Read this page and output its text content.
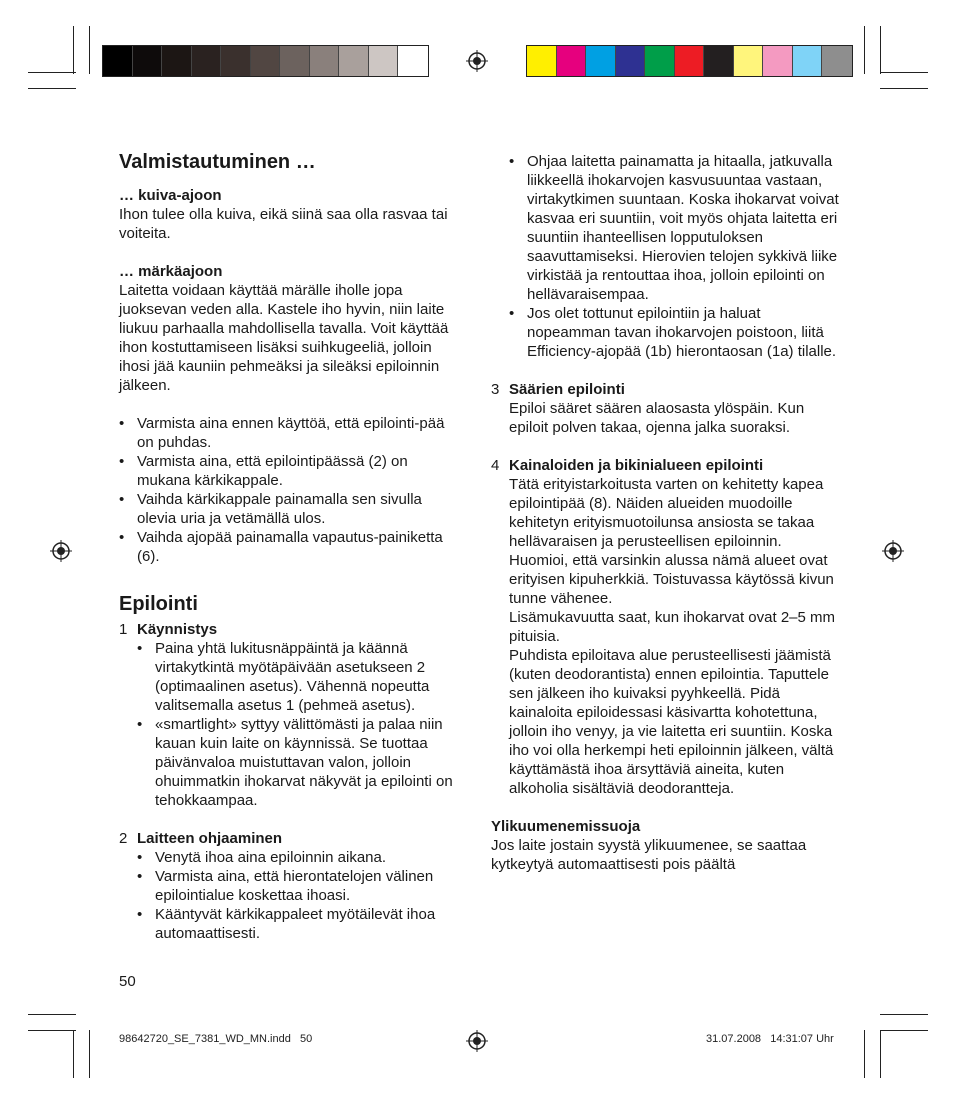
Valmistautuminen …

… kuiva-ajoon

Ihon tulee olla kuiva, eikä siinä saa olla rasvaa tai voiteita.

… märkäajoon

Laitetta voidaan käyttää märälle iholle jopa juoksevan veden alla. Kastele iho hyvin, niin laite liukuu parhaalla mahdollisella tavalla. Voit käyttää ihon kostuttamiseen lisäksi suihkugeeliä, jolloin ihosi jää kauniin pehmeäksi ja sileäksi epiloinnin jälkeen.

• Varmista aina ennen käyttöä, että epilointi-pää on puhdas.
• Varmista aina, että epilointipäässä (2) on mukana kärkikappale.
• Vaihda kärkikappale painamalla sen sivulla olevia uria ja vetämällä ulos.
• Vaihda ajopää painamalla vapautus-painiketta (6).
Epilointi
1 Käynnistys

• Paina yhtä lukitusnäppäintä ja käännä virtakytkintä myötäpäivään asetukseen 2 (optimaalinen asetus). Vähennä nopeutta valitsemalla asetus 1 (pehmeä asetus).
• «smartlight» syttyy välittömästi ja palaa niin kauan kuin laite on käynnissä. Se tuottaa päivänvaloa muistuttavan valon, jolloin ohuimmatkin ihokarvat näkyvät ja epilointi on tehokkaampaa.
2 Laitteen ohjaaminen

• Venytä ihoa aina epiloinnin aikana.
• Varmista aina, että hierontatelojen välinen epilointialue koskettaa ihoasi.
• Kääntyvät kärkikappaleet myötäilevät ihoa automaattisesti.
• Ohjaa laitetta painamatta ja hitaalla, jatkuvalla liikkeellä ihokarvojen kasvusuuntaa vastaan, virtakytkimen suuntaan. Koska ihokarvat voivat kasvaa eri suuntiin, voit myös ohjata laitetta eri suuntiin ihanteellisen lopputuloksen saavuttamiseksi. Hierovien telojen sykkivä liike virkistää ja rentouttaa ihoa, jolloin epilointi on hellävaraisempaa.
• Jos olet tottunut epilointiin ja haluat nopeamman tavan ihokarvojen poistoon, liitä Efficiency-ajopää (1b) hierontaosan (1a) tilalle.
3 Säärien epilointi

Epiloi sääret säären alaosasta ylöspäin. Kun epiloit polven takaa, ojenna jalka suoraksi.

4 Kainaloiden ja bikinialueen epilointi

Tätä erityistarkoitusta varten on kehitetty kapea epilointipää (8). Näiden alueiden muodoille kehitetyn erityismuotoilunsa ansiosta se takaa hellävaraisen ja perusteellisen epiloinnin.

Huomioi, että varsinkin alussa nämä alueet ovat erityisen kipuherkkiä. Toistuvassa käytössä kivun tunne vähenee.

Lisämukavuutta saat, kun ihokarvat ovat 2–5 mm pituisia.

Puhdista epiloitava alue perusteellisesti jäämistä (kuten deodorantista) ennen epilointia. Taputtele sen jälkeen iho kuivaksi pyyhkeellä. Pidä kainaloita epiloidessasi käsivartta kohotettuna, jolloin iho venyy, ja vie laitetta eri suuntiin. Koska iho voi olla herkempi heti epiloinnin jälkeen, vältä käyttämästä ihoa ärsyttäviä aineita, kuten alkoholia sisältäviä deodorantteja.

Ylikuumenemissuoja

Jos laite jostain syystä ylikuumenee, se saattaa kytkeytyä automaattisesti pois päältä

50
98642720_SE_7381_WD_MN.indd   50	31.07.2008   14:31:07 Uhr
